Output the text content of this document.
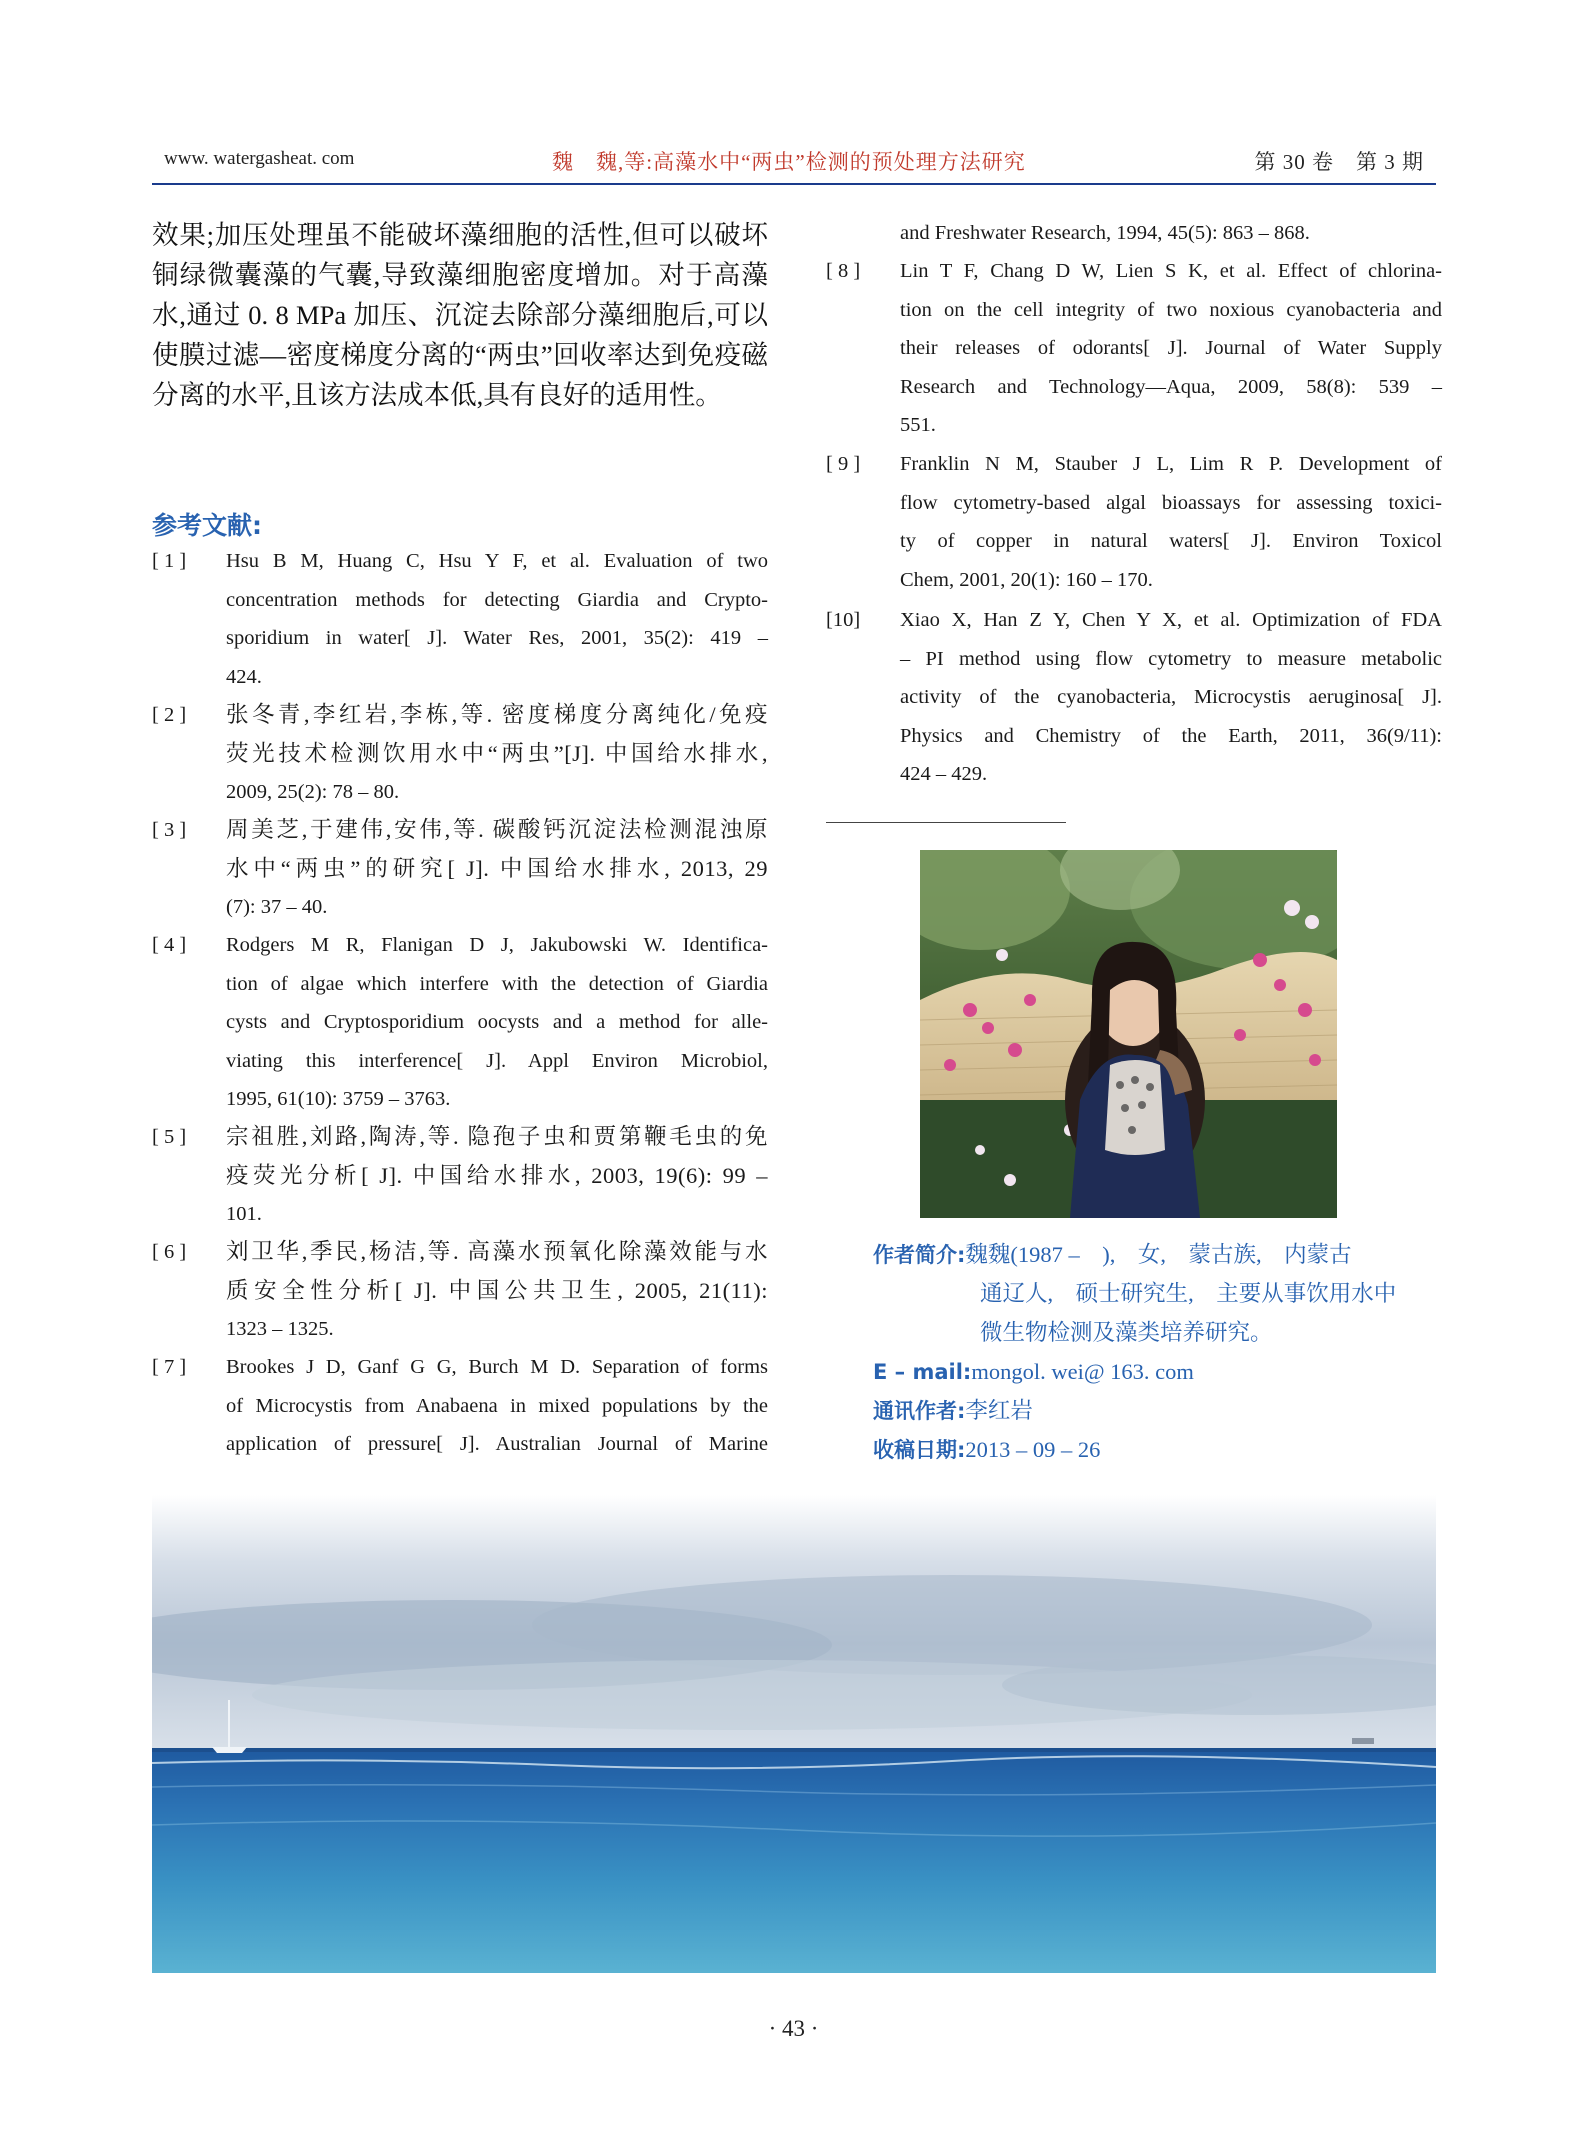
www. watergasheat. com	魏　魏,等:高藻水中“两虫”检测的预处理方法研究	第 30 卷　第 3 期

效果;加压处理虽不能破坏藻细胞的活性,但可以破坏铜绿微囊藻的气囊,导致藻细胞密度增加。对于高藻水,通过 0. 8 MPa 加压、沉淀去除部分藻细胞后,可以使膜过滤—密度梯度分离的“两虫”回收率达到免疫磁分离的水平,且该方法成本低,具有良好的适用性。

参考文献:
[ 1 ]	Hsu B M, Huang C, Hsu Y F, et al. Evaluation of two
concentration methods for detecting Giardia and Crypto-
sporidium in water[ J]. Water Res, 2001, 35(2): 419 –
424.
[ 2 ]	张冬青,李红岩,李栋,等. 密度梯度分离纯化/免疫
荧光技术检测饮用水中“两虫”[J]. 中国给水排水,
2009, 25(2): 78 – 80.
[ 3 ]	周美芝,于建伟,安伟,等. 碳酸钙沉淀法检测混浊原
水中“两虫”的研究[ J]. 中国给水排水, 2013, 29
(7): 37 – 40.
[ 4 ]	Rodgers M R, Flanigan D J, Jakubowski W. Identifica-
tion of algae which interfere with the detection of Giardia
cysts and Cryptosporidium oocysts and a method for alle-
viating this interference[ J]. Appl Environ Microbiol,
1995, 61(10): 3759 – 3763.
[ 5 ]	宗祖胜,刘路,陶涛,等. 隐孢子虫和贾第鞭毛虫的免
疫荧光分析[ J]. 中国给水排水, 2003, 19(6): 99 –
101.
[ 6 ]	刘卫华,季民,杨洁,等. 高藻水预氧化除藻效能与水
质安全性分析[ J]. 中国公共卫生, 2005, 21(11):
1323 – 1325.
and Freshwater Research, 1994, 45(5): 863 – 868.
[ 7 ]	Brookes J D, Ganf G G, Burch M D. Separation of forms
of Microcystis from Anabaena in mixed populations by the
application of pressure[ J]. Australian Journal of Marine
[ 8 ]	Lin T F, Chang D W, Lien S K, et al. Effect of chlorina-
tion on the cell integrity of two noxious cyanobacteria and
their releases of odorants[ J]. Journal of Water Supply
Research and Technology—Aqua, 2009, 58(8): 539 –
551.
[ 9 ]	Franklin N M, Stauber J L, Lim R P. Development of
flow cytometry-based algal bioassays for assessing toxici-
ty of copper in natural waters[ J]. Environ Toxicol
Chem, 2001, 20(1): 160 – 170.
[10]	Xiao X, Han Z Y, Chen Y X, et al. Optimization of FDA
– PI method using flow cytometry to measure metabolic
activity of the cyanobacteria, Microcystis aeruginosa[ J].
Physics and Chemistry of the Earth, 2011, 36(9/11):
424 – 429.
作者简介:魏魏(1987 –　),　女,　蒙古族,　内蒙古
通辽人,　硕士研究生,　主要从事饮用水中
微生物检测及藻类培养研究。
E – mail:mongol. wei@ 163. com
通讯作者:李红岩
收稿日期:2013 – 09 – 26
· 43 ·
